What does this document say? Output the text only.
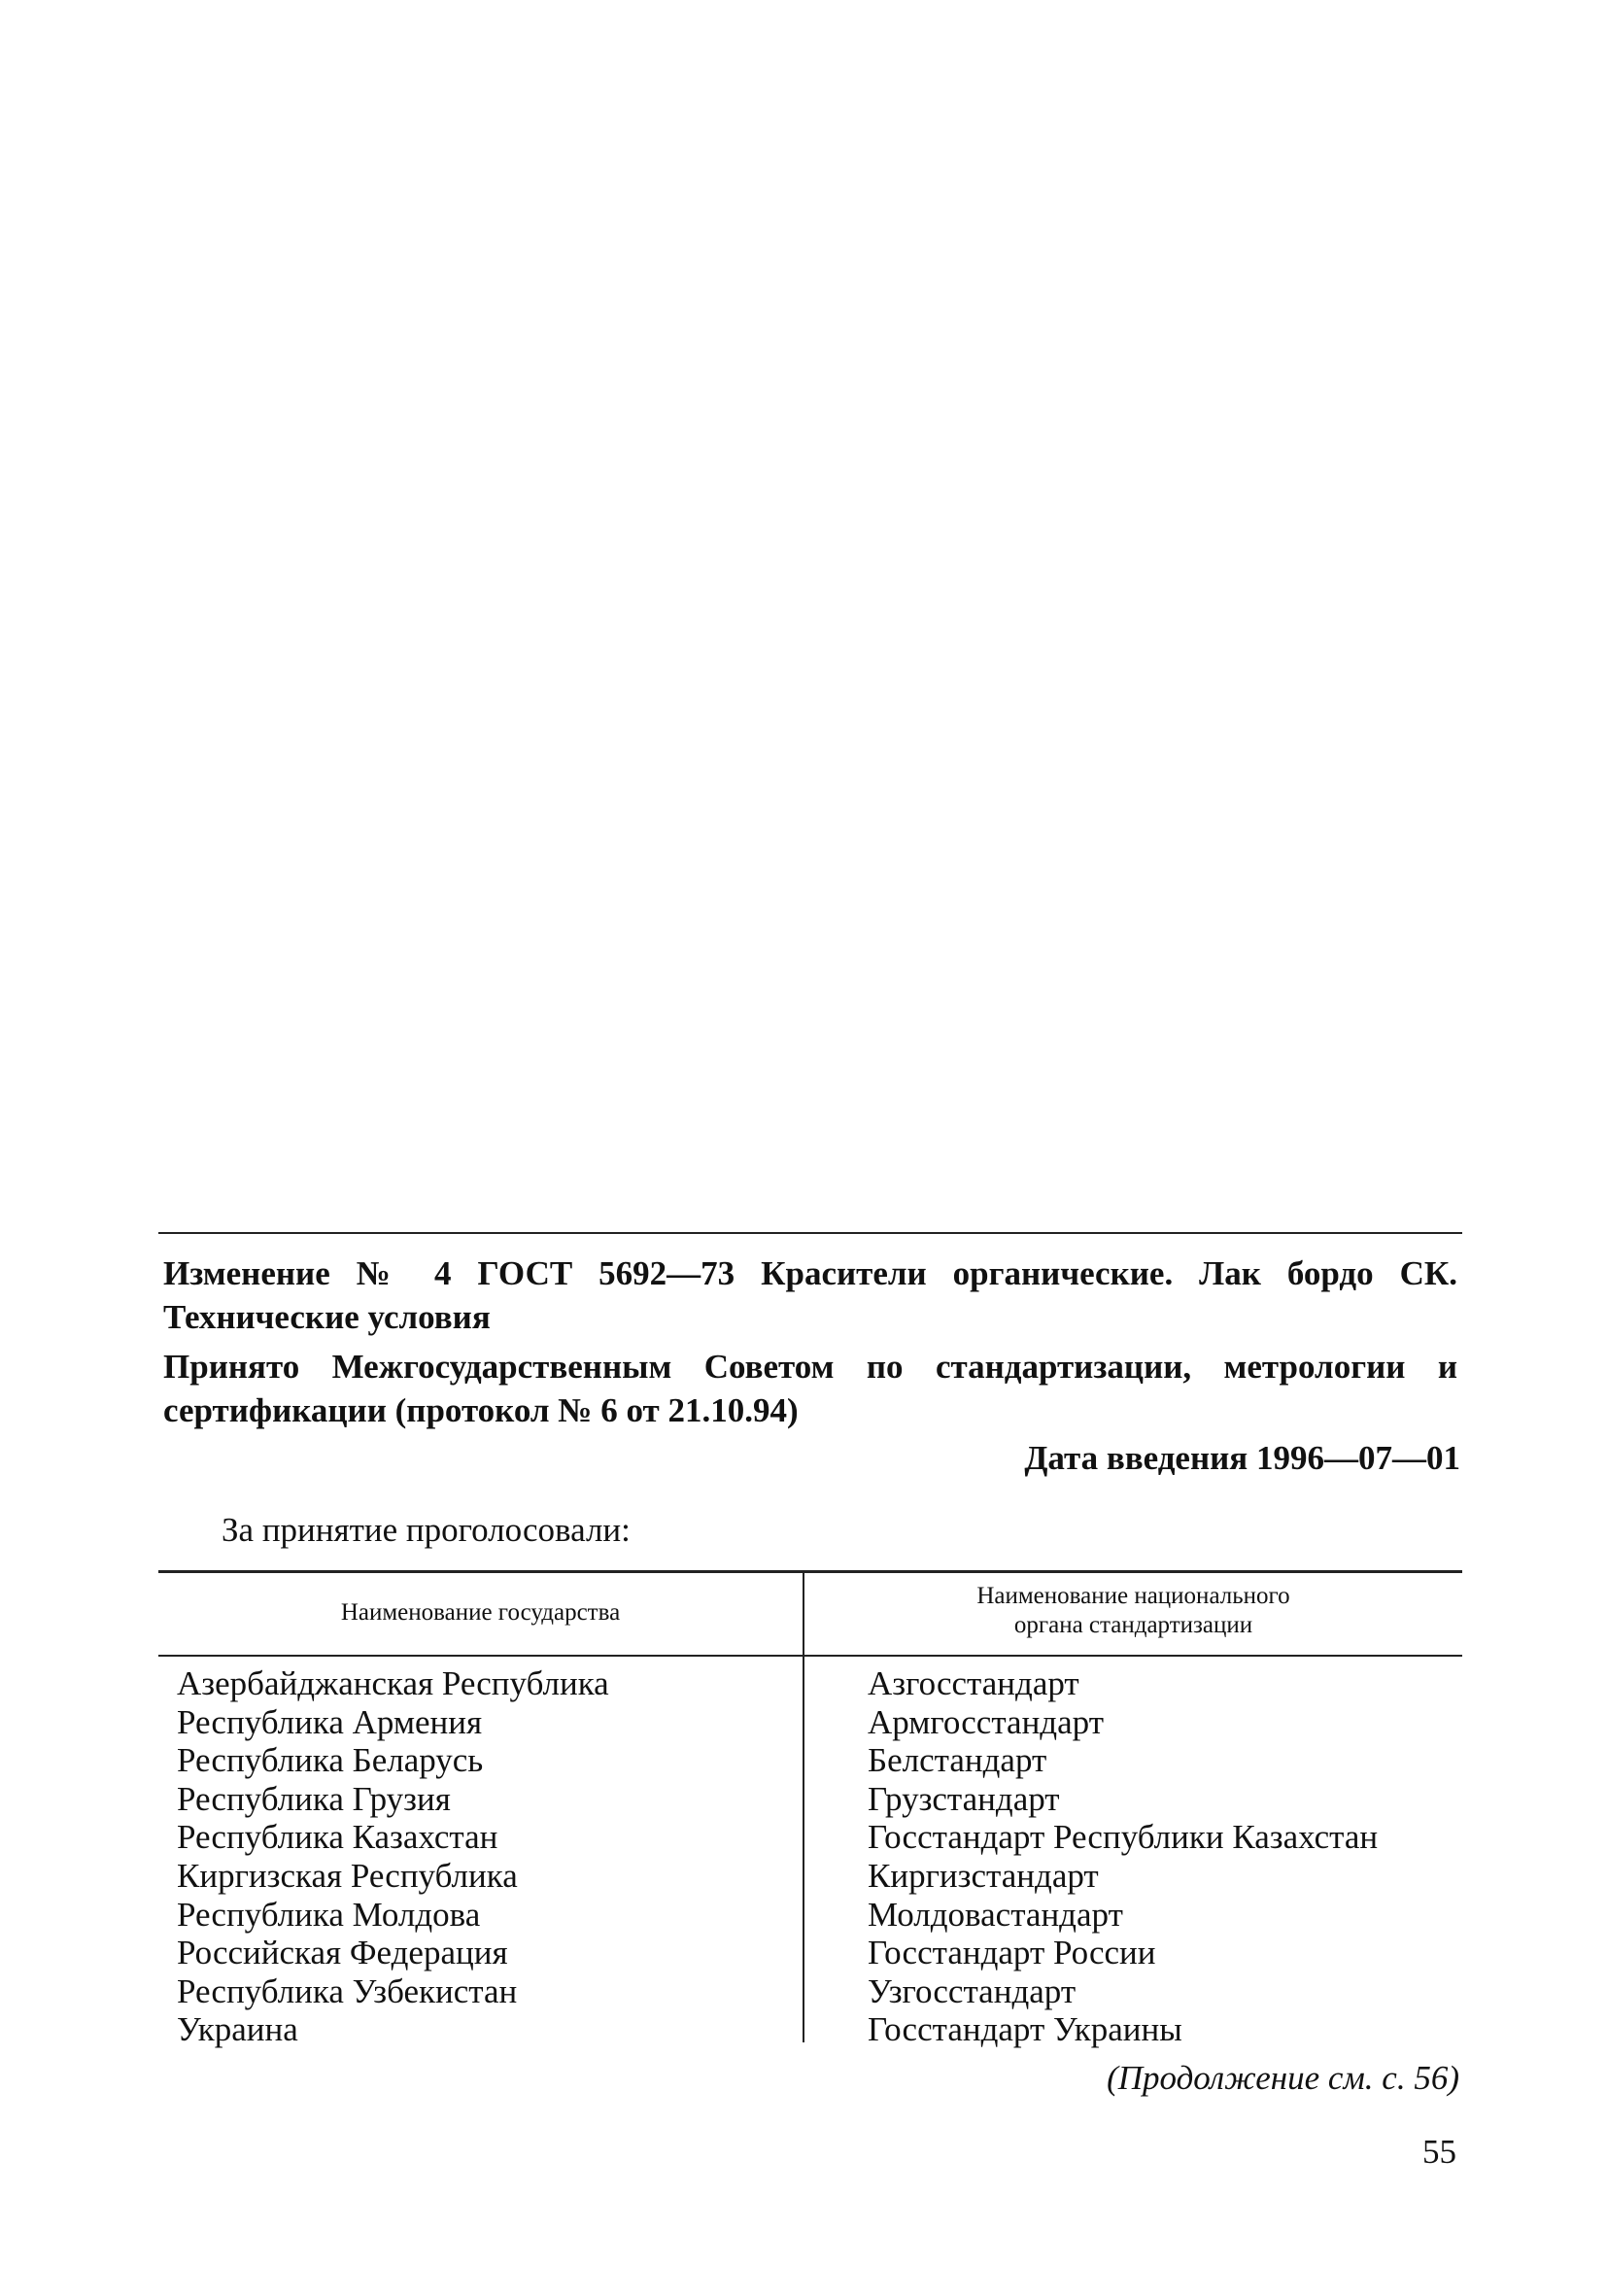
Изменение № 4 ГОСТ 5692—73 Красители органические. Лак бордо СК. Технические условия
Принято Межгосударственным Советом по стандартизации, метрологии и сертификации (протокол № 6 от 21.10.94)
Дата введения 1996—07—01
За принятие проголосовали:
Наименование государства
Наименование национального
органа стандартизации
Азербайджанская Республика
Республика Армения
Республика Беларусь
Республика Грузия
Республика Казахстан
Киргизская Республика
Республика Молдова
Российская Федерация
Республика Узбекистан
Украина
Азгосстандарт
Армгосстандарт
Белстандарт
Грузстандарт
Госстандарт Республики Казахстан
Киргизстандарт
Молдовастандарт
Госстандарт России
Узгосстандарт
Госстандарт Украины
(Продолжение см. с. 56)
55
